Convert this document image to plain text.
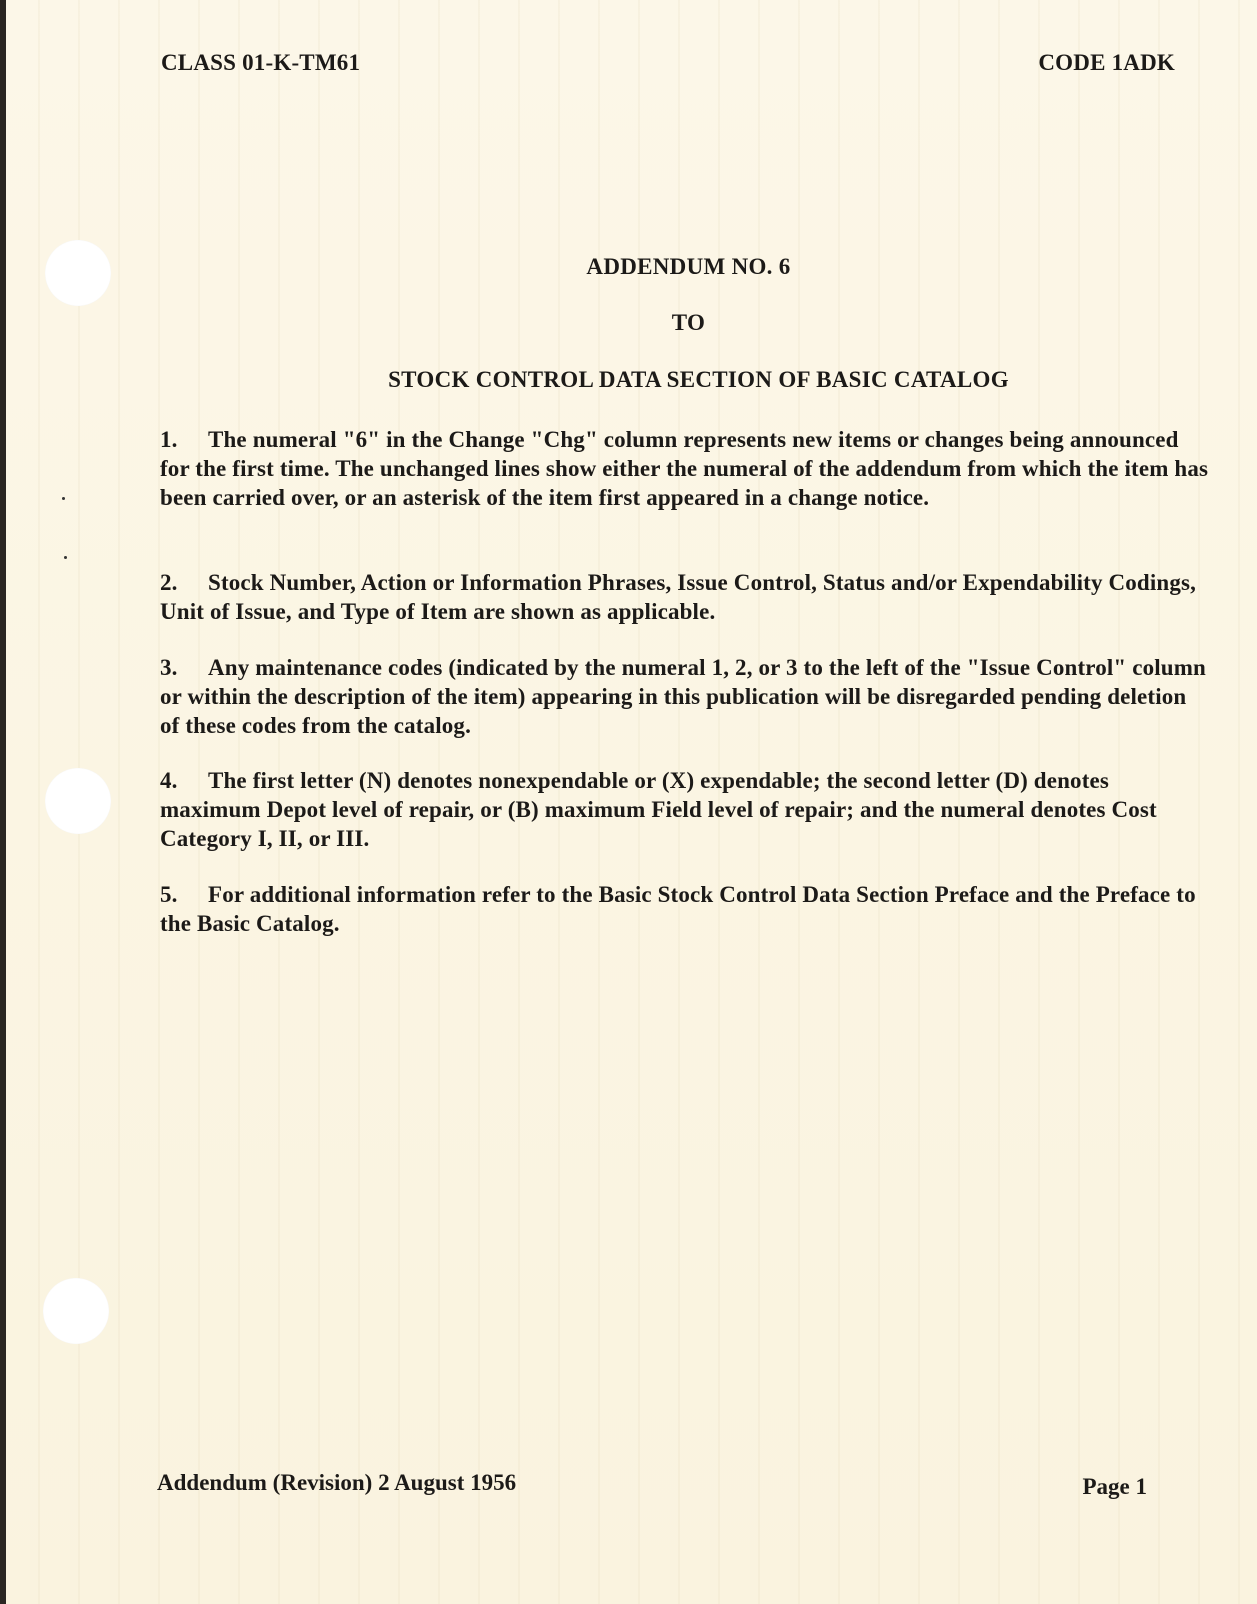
CLASS 01-K-TM61	CODE 1ADK
ADDENDUM NO. 6
TO
STOCK CONTROL DATA SECTION OF BASIC CATALOG
1. The numeral "6" in the Change "Chg" column represents new items or changes being announced for the first time. The unchanged lines show either the numeral of the addendum from which the item has been carried over, or an asterisk of the item first appeared in a change notice.
2. Stock Number, Action or Information Phrases, Issue Control, Status and/or Expendability Codings, Unit of Issue, and Type of Item are shown as applicable.
3. Any maintenance codes (indicated by the numeral 1, 2, or 3 to the left of the "Issue Control" column or within the description of the item) appearing in this publication will be disregarded pending deletion of these codes from the catalog.
4. The first letter (N) denotes nonexpendable or (X) expendable; the second letter (D) denotes maximum Depot level of repair, or (B) maximum Field level of repair; and the numeral denotes Cost Category I, II, or III.
5. For additional information refer to the Basic Stock Control Data Section Preface and the Preface to the Basic Catalog.
Addendum (Revision) 2 August 1956	Page 1
